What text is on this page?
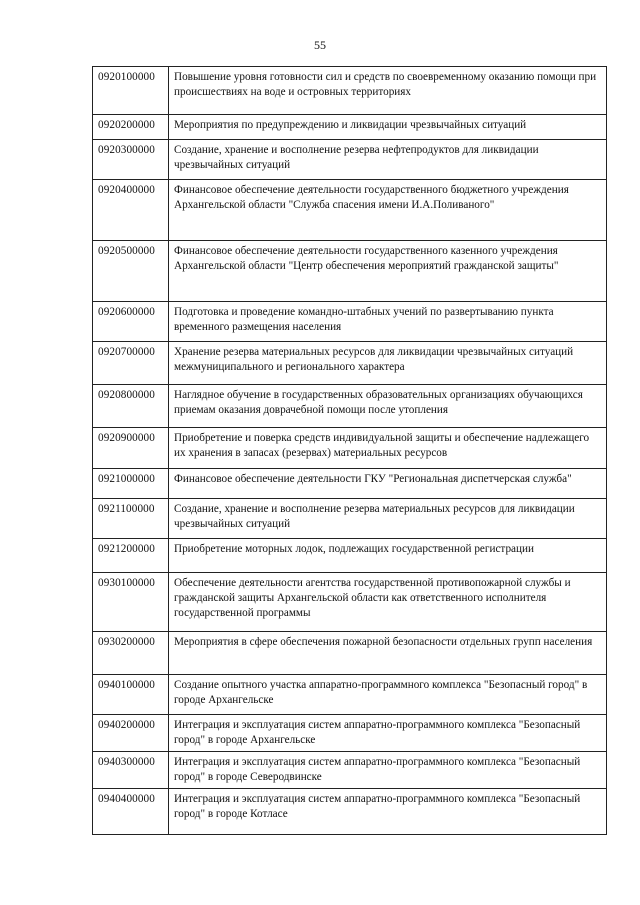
55
0920100000	Повышение уровня готовности сил и средств по своевременному оказанию помощи при происшествиях на воде и островных территориях
0920200000	Мероприятия по предупреждению и ликвидации чрезвычайных ситуаций
0920300000	Создание, хранение и восполнение резерва нефтепродуктов для ликвидации чрезвычайных ситуаций
0920400000	Финансовое обеспечение деятельности государственного бюджетного учреждения Архангельской области "Служба спасения имени И.А.Поливаного"
0920500000	Финансовое обеспечение деятельности государственного казенного учреждения Архангельской области "Центр обеспечения мероприятий гражданской защиты"
0920600000	Подготовка и проведение командно-штабных учений по развертыванию пункта временного размещения населения
0920700000	Хранение резерва материальных ресурсов для ликвидации чрезвычайных ситуаций межмуниципального и регионального характера
0920800000	Наглядное обучение в государственных образовательных организациях обучающихся приемам оказания доврачебной помощи после утопления
0920900000	Приобретение и поверка средств индивидуальной защиты и обеспечение надлежащего их хранения в запасах (резервах) материальных ресурсов
0921000000	Финансовое обеспечение деятельности ГКУ "Региональная диспетчерская служба"
0921100000	Создание, хранение и восполнение резерва материальных ресурсов для ликвидации чрезвычайных ситуаций
0921200000	Приобретение моторных лодок, подлежащих государственной регистрации
0930100000	Обеспечение деятельности агентства государственной противопожарной службы и гражданской защиты Архангельской области как ответственного исполнителя государственной программы
0930200000	Мероприятия в сфере обеспечения пожарной безопасности отдельных групп населения
0940100000	Создание опытного участка аппаратно-программного комплекса "Безопасный город" в городе Архангельске
0940200000	Интеграция и эксплуатация систем аппаратно-программного комплекса "Безопасный город" в городе Архангельске
0940300000	Интеграция и эксплуатация систем аппаратно-программного комплекса "Безопасный город" в городе Северодвинске
0940400000	Интеграция и эксплуатация систем аппаратно-программного комплекса "Безопасный город" в городе Котласе
